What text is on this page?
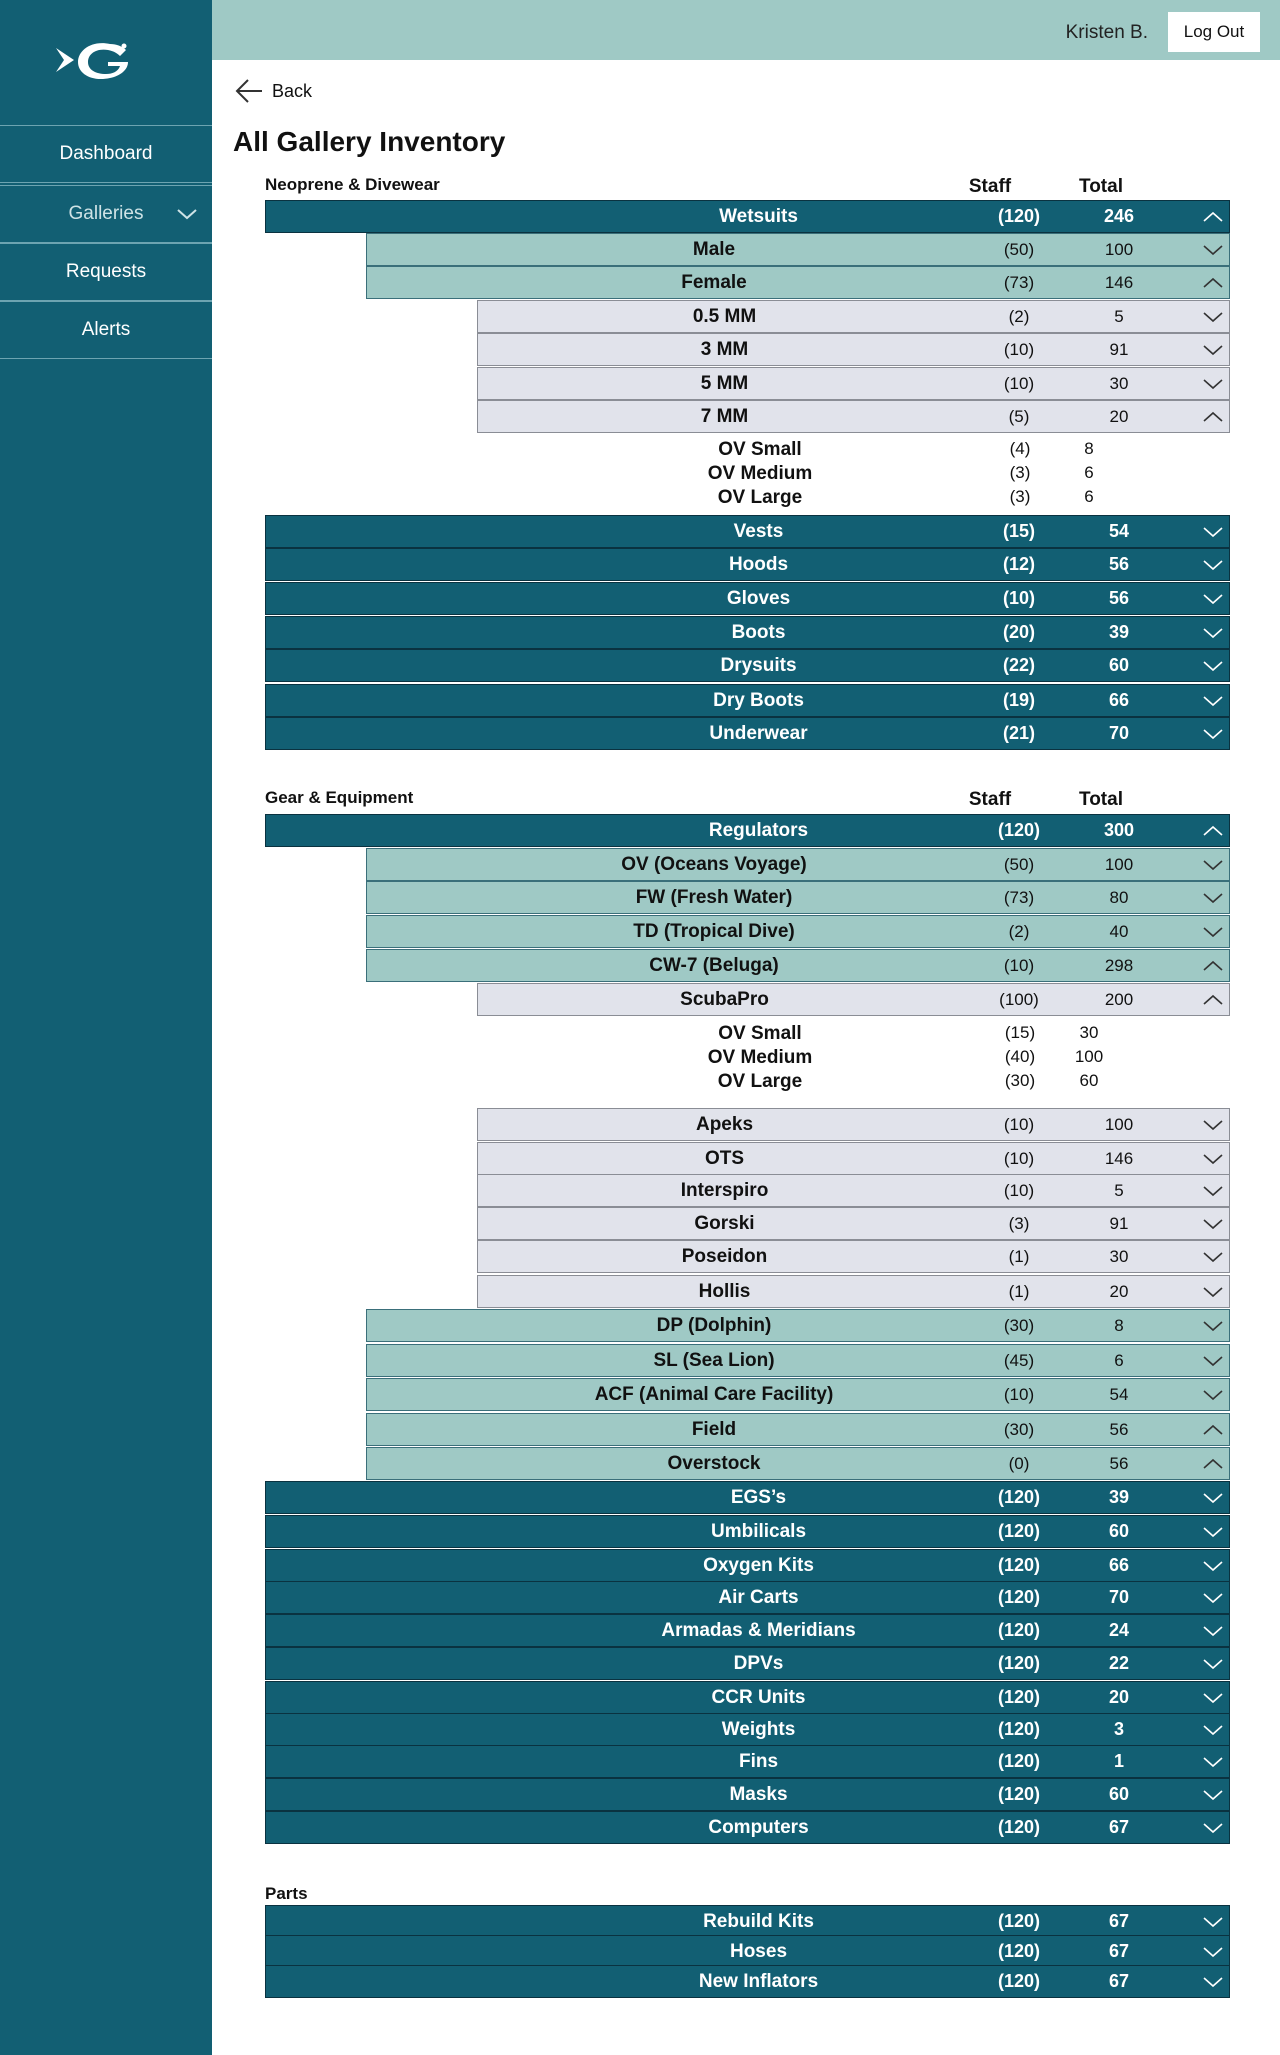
Dashboard
Galleries
Requests
Alerts
Kristen B.	Log Out
Back
All Gallery Inventory
Neoprene & Divewear	Staff	Total
Wetsuits	(120)	246
Male	(50)	100
Female	(73)	146
0.5 MM	(2)	5
3 MM	(10)	91
5 MM	(10)	30
7 MM	(5)	20
OV Small	(4)	8
OV Medium	(3)	6
OV Large	(3)	6
Vests	(15)	54
Hoods	(12)	56
Gloves	(10)	56
Boots	(20)	39
Drysuits	(22)	60
Dry Boots	(19)	66
Underwear	(21)	70
Gear & Equipment	Staff	Total
Regulators	(120)	300
OV (Oceans Voyage)	(50)	100
FW (Fresh Water)	(73)	80
TD (Tropical Dive)	(2)	40
CW-7 (Beluga)	(10)	298
ScubaPro	(100)	200
OV Small	(15)	30
OV Medium	(40)	100
OV Large	(30)	60
Apeks	(10)	100
OTS	(10)	146
Interspiro	(10)	5
Gorski	(3)	91
Poseidon	(1)	30
Hollis	(1)	20
DP (Dolphin)	(30)	8
SL (Sea Lion)	(45)	6
ACF (Animal Care Facility)	(10)	54
Field	(30)	56
Overstock	(0)	56
EGS’s	(120)	39
Umbilicals	(120)	60
Oxygen Kits	(120)	66
Air Carts	(120)	70
Armadas & Meridians	(120)	24
DPVs	(120)	22
CCR Units	(120)	20
Weights	(120)	3
Fins	(120)	1
Masks	(120)	60
Computers	(120)	67
Parts
Rebuild Kits	(120)	67
Hoses	(120)	67
New Inflators	(120)	67
